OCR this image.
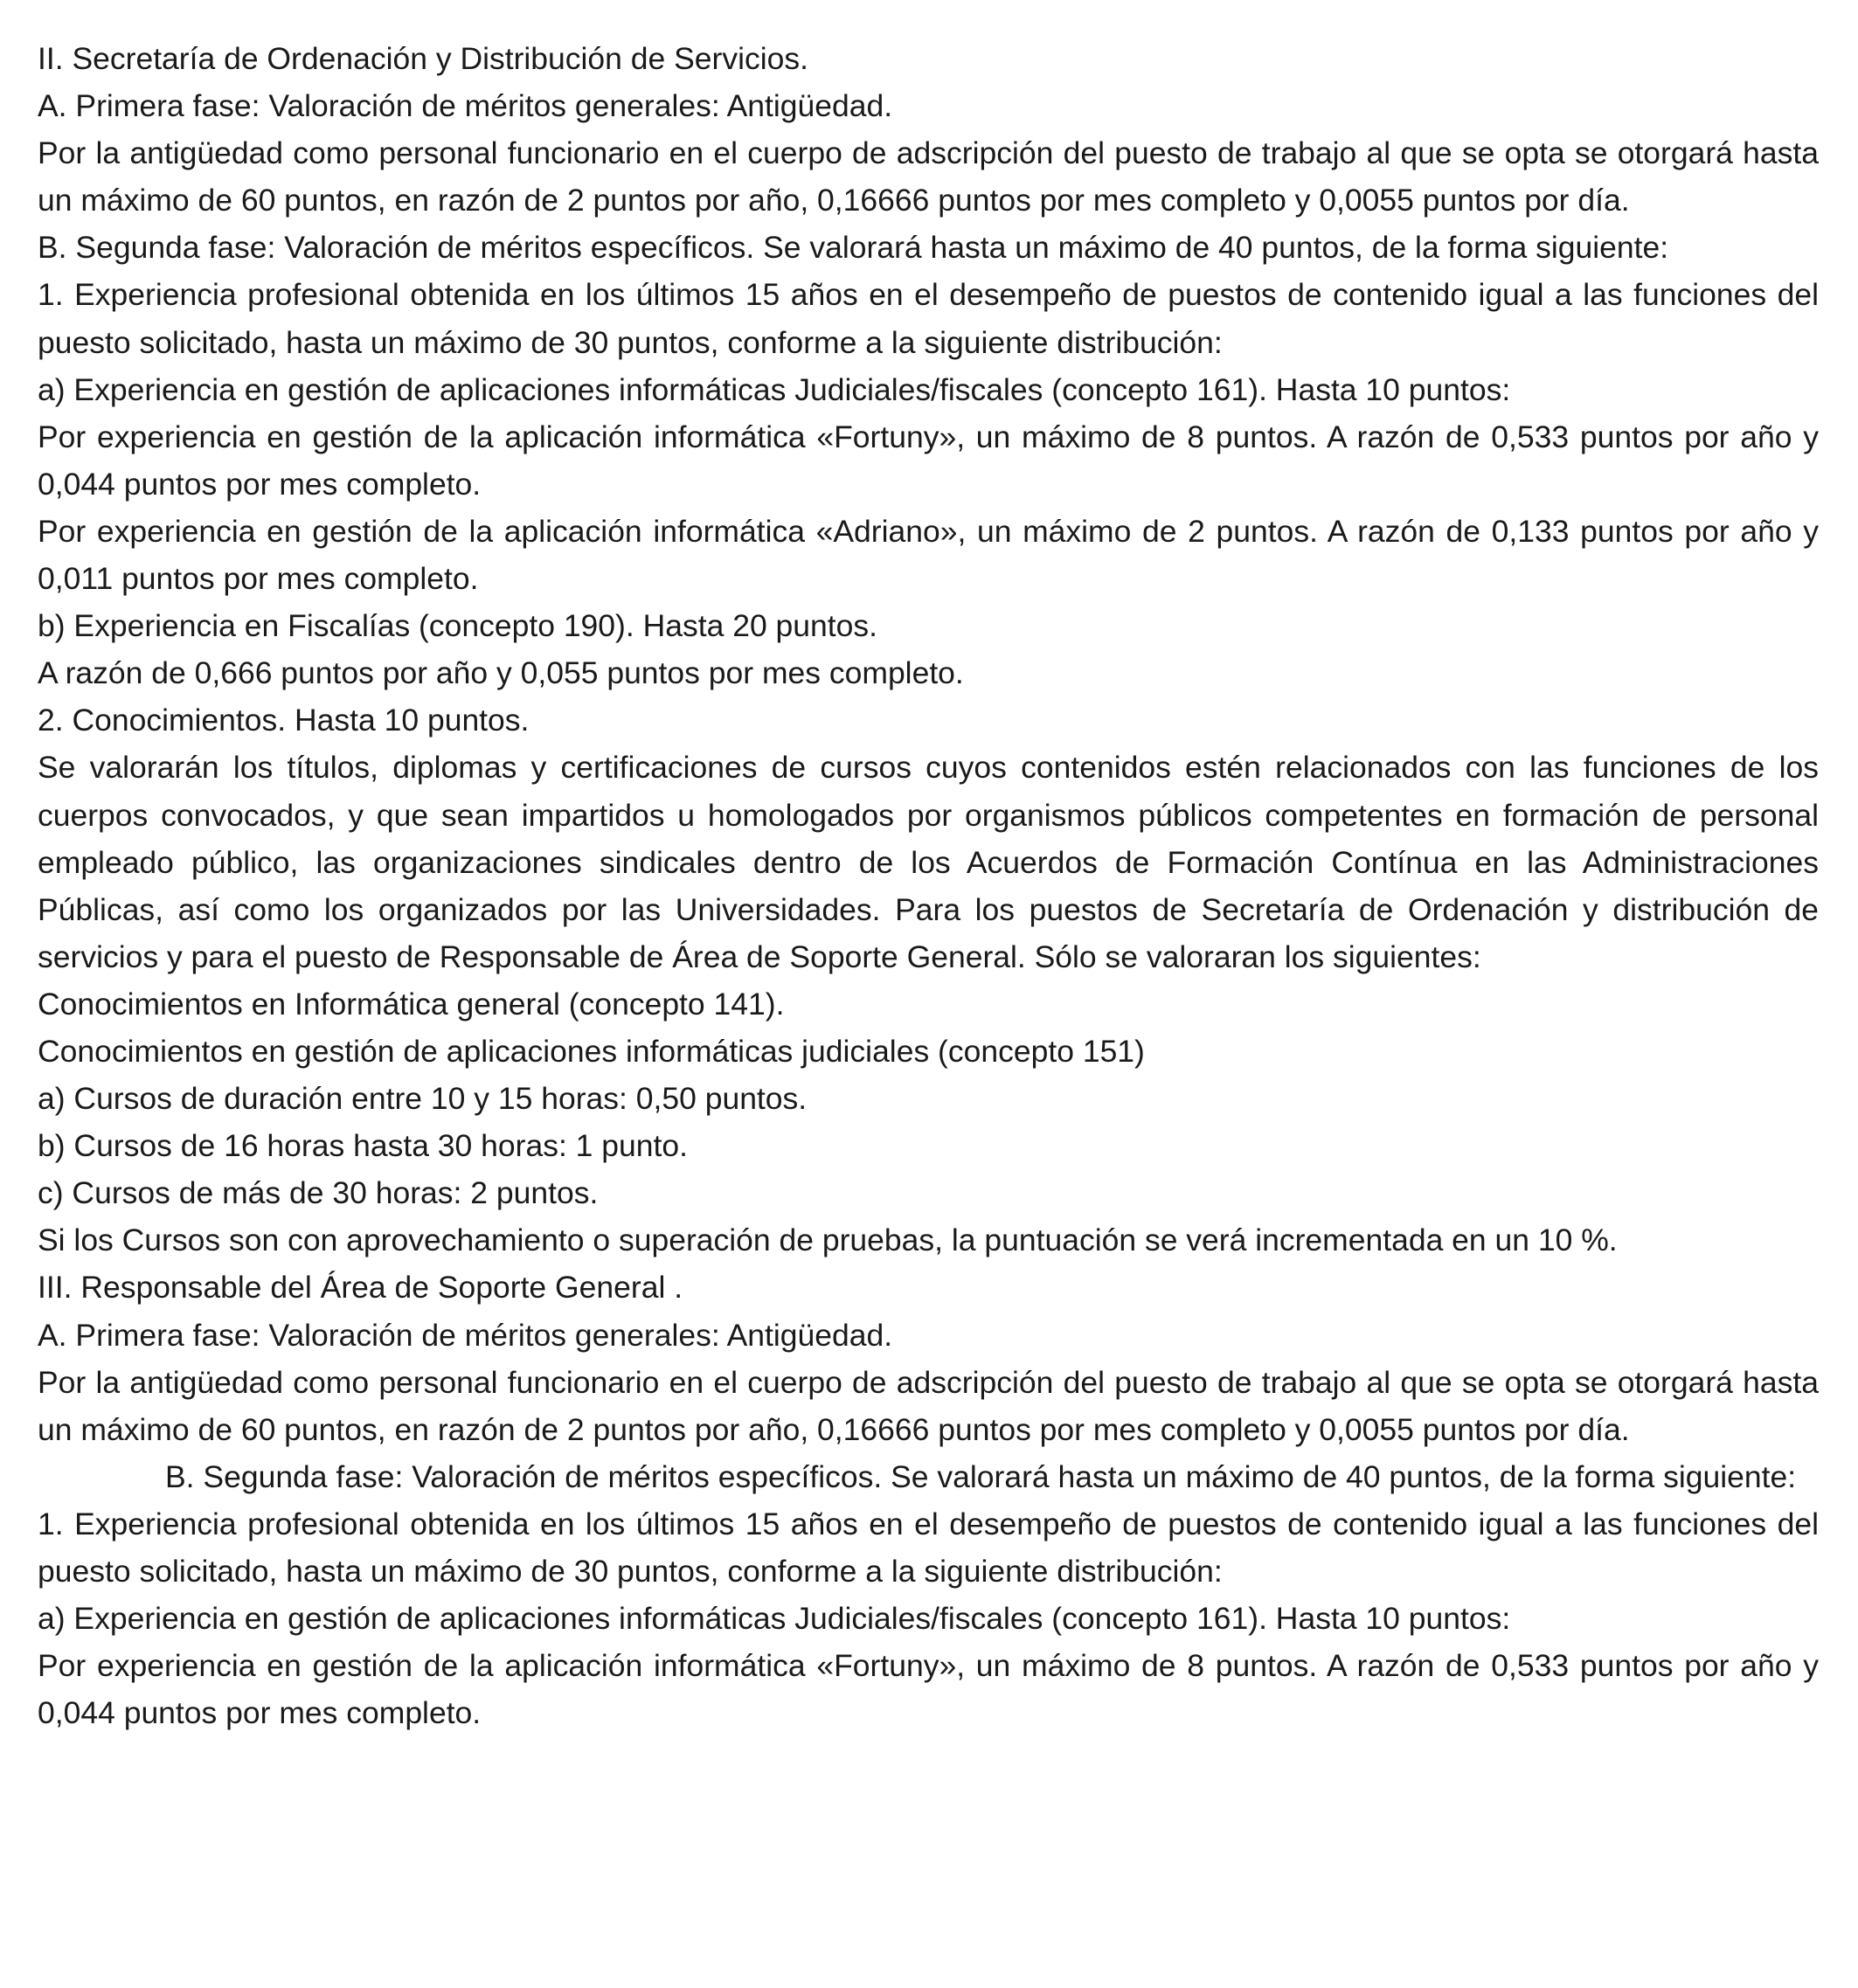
II. Secretaría de Ordenación y Distribución de Servicios.

A. Primera fase: Valoración de méritos generales: Antigüedad.

Por la antigüedad como personal funcionario en el cuerpo de adscripción del puesto de trabajo al que se opta se otorgará hasta un máximo de 60 puntos, en razón de 2 puntos por año, 0,16666 puntos por mes completo y 0,0055 puntos por día.

B. Segunda fase: Valoración de méritos específicos. Se valorará hasta un máximo de 40 puntos, de la forma siguiente:

1. Experiencia profesional obtenida en los últimos 15 años en el desempeño de puestos de contenido igual a las funciones del puesto solicitado, hasta un máximo de 30 puntos, conforme a la siguiente distribución:

a) Experiencia en gestión de aplicaciones informáticas Judiciales/fiscales (concepto 161). Hasta 10 puntos:

Por experiencia en gestión de la aplicación informática «Fortuny», un máximo de 8 puntos. A razón de 0,533 puntos por año y 0,044 puntos por mes completo.

Por experiencia en gestión de la aplicación informática «Adriano», un máximo de 2 puntos. A razón de 0,133 puntos por año y 0,011 puntos por mes completo.

b) Experiencia en Fiscalías (concepto 190). Hasta 20 puntos.

A razón de 0,666 puntos por año y 0,055 puntos por mes completo.

2. Conocimientos. Hasta 10 puntos.

Se valorarán los títulos, diplomas y certificaciones de cursos cuyos contenidos estén relacionados con las funciones de los cuerpos convocados, y que sean impartidos u homologados por organismos públicos competentes en formación de personal empleado público, las organizaciones sindicales dentro de los Acuerdos de Formación Contínua en las Administraciones Públicas, así como los organizados por las Universidades. Para los puestos de Secretaría de Ordenación y distribución de servicios y para el puesto de Responsable de Área de Soporte General. Sólo se valoraran los siguientes:

Conocimientos en Informática general (concepto 141).

Conocimientos en gestión de aplicaciones informáticas judiciales (concepto 151)

a) Cursos de duración entre 10 y 15 horas: 0,50 puntos.

b) Cursos de 16 horas hasta 30 horas: 1 punto.

c) Cursos de más de 30 horas: 2 puntos.

Si los Cursos son con aprovechamiento o superación de pruebas, la puntuación se verá incrementada en un 10 %.

III. Responsable del Área de Soporte General .

A. Primera fase: Valoración de méritos generales: Antigüedad.

Por la antigüedad como personal funcionario en el cuerpo de adscripción del puesto de trabajo al que se opta se otorgará hasta un máximo de 60 puntos, en razón de 2 puntos por año, 0,16666 puntos por mes completo y 0,0055 puntos por día.

B. Segunda fase: Valoración de méritos específicos. Se valorará hasta un máximo de 40 puntos, de la forma siguiente:

1. Experiencia profesional obtenida en los últimos 15 años en el desempeño de puestos de contenido igual a las funciones del puesto solicitado, hasta un máximo de 30 puntos, conforme a la siguiente distribución:

a) Experiencia en gestión de aplicaciones informáticas Judiciales/fiscales (concepto 161). Hasta 10 puntos:

Por experiencia en gestión de la aplicación informática «Fortuny», un máximo de 8 puntos. A razón de 0,533 puntos por año y 0,044 puntos por mes completo.
